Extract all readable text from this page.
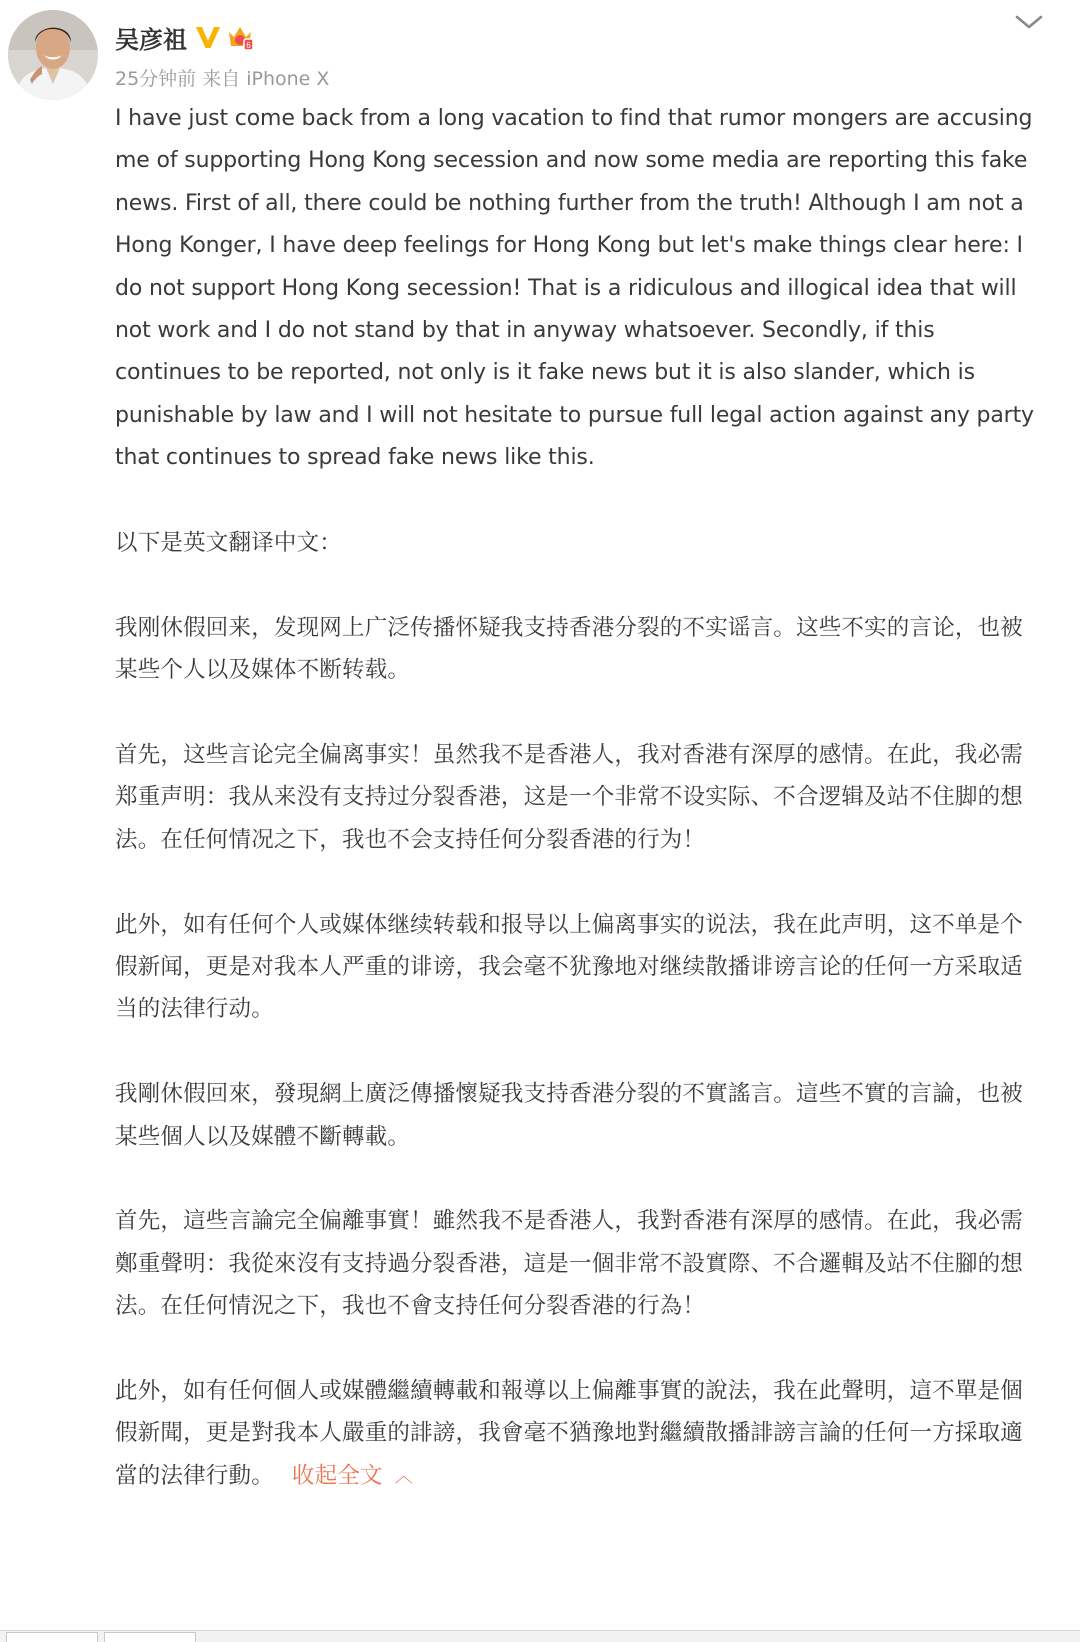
吴彦祖	6
25分钟前 来自 iPhone X

I have just come back from a long vacation to find that rumor mongers are accusing me of supporting Hong Kong secession and now some media are reporting this fake news. First of all, there could be nothing further from the truth! Although I am not a Hong Konger, I have deep feelings for Hong Kong but let's make things clear here: I do not support Hong Kong secession! That is a ridiculous and illogical idea that will not work and I do not stand by that in anyway whatsoever. Secondly, if this continues to be reported, not only is it fake news but it is also slander, which is punishable by law and I will not hesitate to pursue full legal action against any party that continues to spread fake news like this.

以下是英文翻译中文：

我刚休假回来，发现网上广泛传播怀疑我支持香港分裂的不实谣言。这些不实的言论，也被某些个人以及媒体不断转载。

首先，这些言论完全偏离事实！虽然我不是香港人，我对香港有深厚的感情。在此，我必需郑重声明：我从来没有支持过分裂香港，这是一个非常不设实际、不合逻辑及站不住脚的想法。在任何情况之下，我也不会支持任何分裂香港的行为！

此外，如有任何个人或媒体继续转载和报导以上偏离事实的说法，我在此声明，这不单是个假新闻，更是对我本人严重的诽谤，我会毫不犹豫地对继续散播诽谤言论的任何一方采取适当的法律行动。

我剛休假回來，發現網上廣泛傳播懷疑我支持香港分裂的不實謠言。這些不實的言論，也被某些個人以及媒體不斷轉載。

首先，這些言論完全偏離事實！雖然我不是香港人，我對香港有深厚的感情。在此，我必需鄭重聲明：我從來沒有支持過分裂香港，這是一個非常不設實際、不合邏輯及站不住腳的想法。在任何情況之下，我也不會支持任何分裂香港的行為！

此外，如有任何個人或媒體繼續轉載和報導以上偏離事實的說法，我在此聲明，這不單是個假新聞，更是對我本人嚴重的誹謗，我會毫不猶豫地對繼續散播誹謗言論的任何一方採取適當的法律行動。 收起全文 ︿
